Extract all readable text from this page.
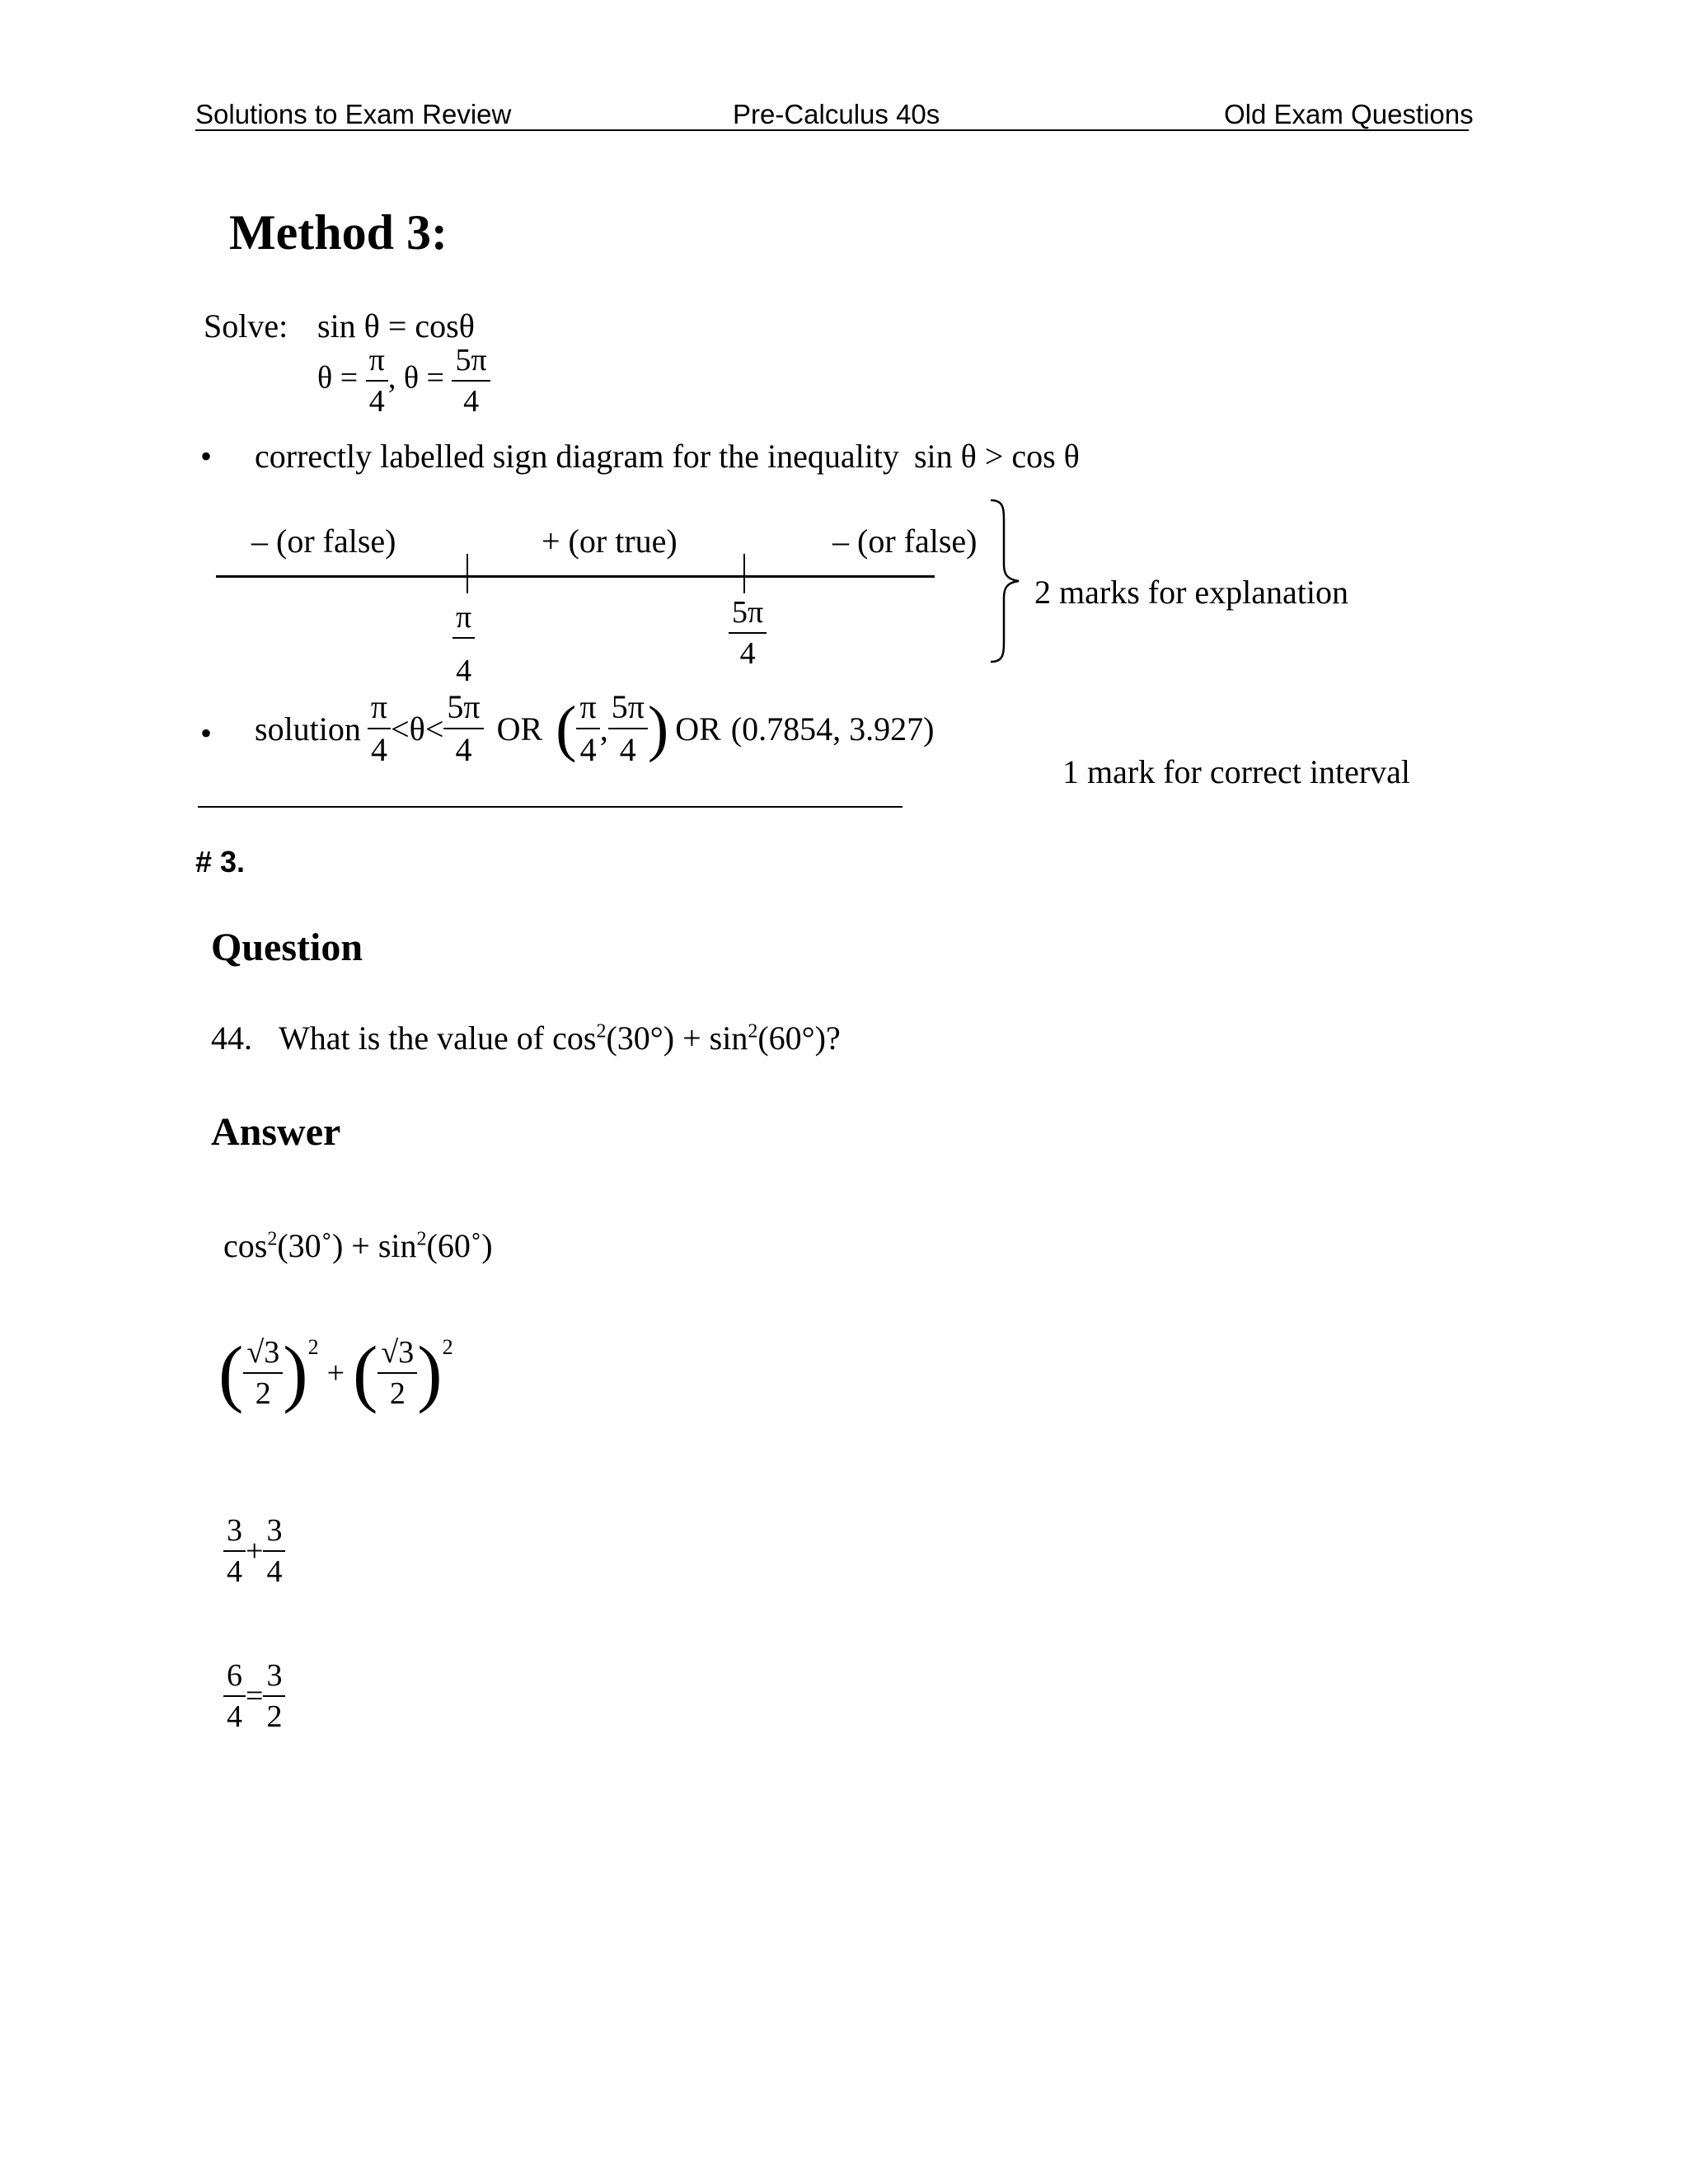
Solutions to Exam Review	Pre-Calculus 40s	Old Exam Questions
Method 3:
Solve: sin θ = cosθ
$\theta = \frac{\pi}{4}$ , $\theta = \frac{5\pi}{4}$
• correctly labelled sign diagram for the inequality sin θ > cos θ
– (or false)	+ (or true)	– (or false)
$\frac{\pi}{4}$	$\frac{5\pi}{4}$
2 marks for explanation
• solution $\frac{\pi}{4} <\theta< \frac{5\pi}{4}$ OR ( $\frac{\pi}{4}$ , $\frac{5\pi}{4}$ ) OR (0.7854, 3.927)
1 mark for correct interval
# 3.
Question
44. What is the value of $\cos^2(30^\circ) + \sin^2(60^\circ)$?
Answer
$\cos^2(30˚)$ + $\sin^2(60˚)$
( $\frac{√3}{2} )^2$
+ ( $\frac{√3}{2} )^2$
$\frac{3}{4} + \frac{3}{4}$
$\frac{6}{4} = \frac{3}{2}$
